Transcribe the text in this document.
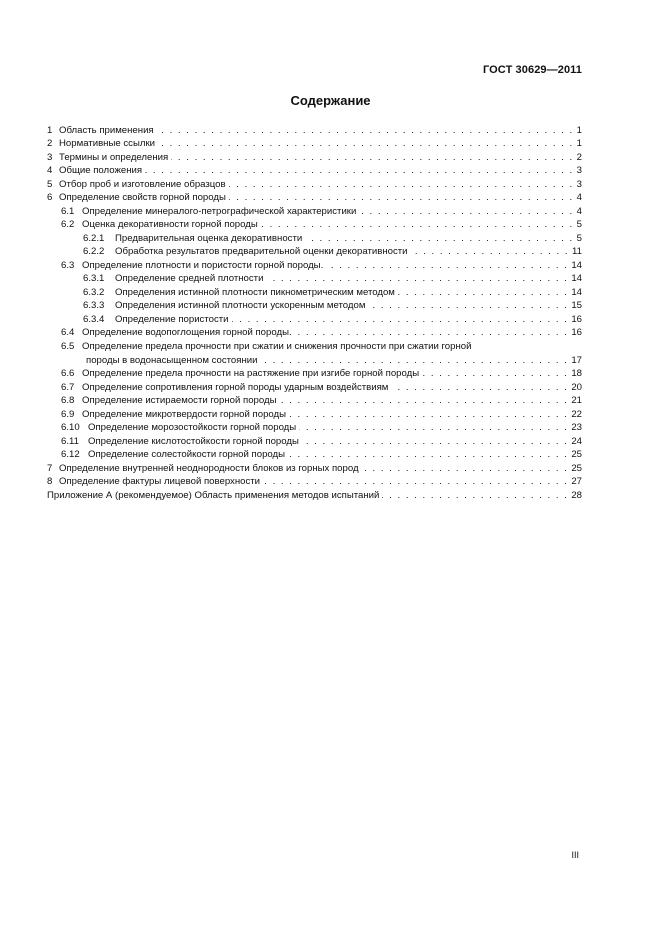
ГОСТ 30629—2011
Содержание
1 Область применения . . .	1
2 Нормативные ссылки . . .	1
3 Термины и определения . . .	2
4 Общие положения . . .	3
5 Отбор проб и изготовление образцов . . .	3
6 Определение свойств горной породы . . .	4
6.1 Определение минералого-петрографической характеристики . . .	4
6.2 Оценка декоративности горной породы . . .	5
6.2.1 Предварительная оценка декоративности . . .	5
6.2.2 Обработка результатов предварительной оценки декоративности . . .	11
6.3 Определение плотности и пористости горной породы. . . .	14
6.3.1 Определение средней плотности . . .	14
6.3.2 Определения истинной плотности пикнометрическим методом . . .	14
6.3.3 Определения истинной плотности ускоренным методом . . .	15
6.3.4 Определение пористости . . .	16
6.4 Определение водопоглощения горной породы. . . .	16
6.5 Определение предела прочности при сжатии и снижения прочности при сжатии горной
породы в водонасыщенном состоянии . . .	17
6.6 Определение предела прочности на растяжение при изгибе горной породы . . .	18
6.7 Определение сопротивления горной породы ударным воздействиям . . .	20
6.8 Определение истираемости горной породы . . .	21
6.9 Определение микротвердости горной породы . . .	22
6.10 Определение морозостойкости горной породы . . .	23
6.11 Определение кислотостойкости горной породы . . .	24
6.12 Определение солестойкости горной породы . . .	25
7 Определение внутренней неоднородности блоков из горных пород . . .	25
8 Определение фактуры лицевой поверхности . . .	27
Приложение А (рекомендуемое) Область применения методов испытаний . . .	28
III
